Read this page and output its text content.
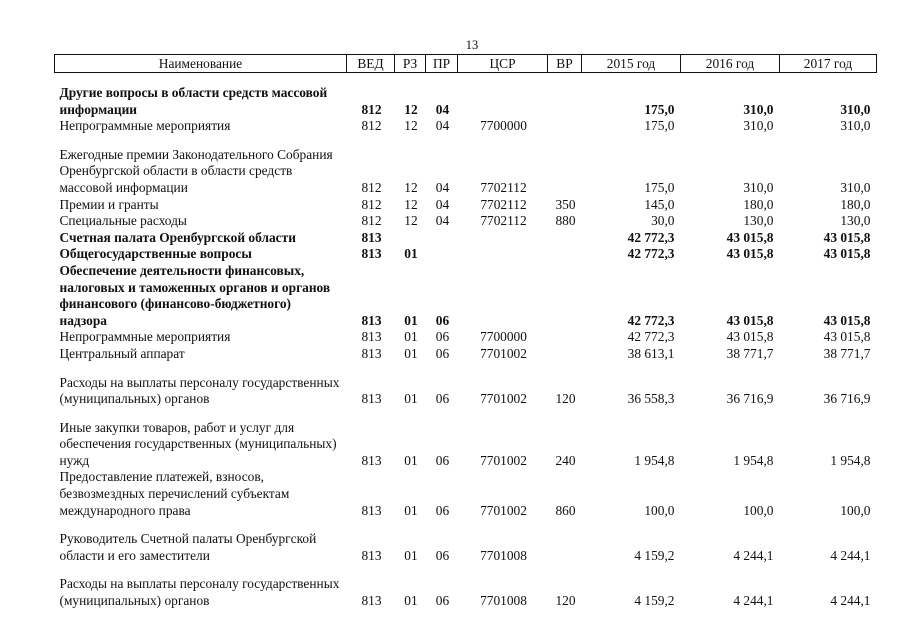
13
Наименование	ВЕД	РЗ	ПР	ЦСР	ВР	2015 год	2016 год	2017 год
Другие вопросы в области средств массовой информации	812	12	04			175,0	310,0	310,0
Непрограммные мероприятия	812	12	04	7700000		175,0	310,0	310,0
Ежегодные премии Законодательного Собрания Оренбургской области в области средств массовой информации	812	12	04	7702112		175,0	310,0	310,0
Премии и гранты	812	12	04	7702112	350	145,0	180,0	180,0
Специальные расходы	812	12	04	7702112	880	30,0	130,0	130,0
Счетная палата Оренбургской области	813					42 772,3	43 015,8	43 015,8
Общегосударственные вопросы	813	01				42 772,3	43 015,8	43 015,8
Обеспечение деятельности финансовых, налоговых и таможенных органов и органов финансового (финансово-бюджетного) надзора	813	01	06			42 772,3	43 015,8	43 015,8
Непрограммные мероприятия	813	01	06	7700000		42 772,3	43 015,8	43 015,8
Центральный аппарат	813	01	06	7701002		38 613,1	38 771,7	38 771,7
Расходы на выплаты персоналу государственных (муниципальных) органов	813	01	06	7701002	120	36 558,3	36 716,9	36 716,9
Иные закупки товаров, работ и услуг для обеспечения государственных (муниципальных) нужд	813	01	06	7701002	240	1 954,8	1 954,8	1 954,8
Предоставление платежей, взносов, безвозмездных перечислений субъектам международного права	813	01	06	7701002	860	100,0	100,0	100,0
Руководитель Счетной палаты Оренбургской области и его заместители	813	01	06	7701008		4 159,2	4 244,1	4 244,1
Расходы на выплаты персоналу государственных (муниципальных) органов	813	01	06	7701008	120	4 159,2	4 244,1	4 244,1
